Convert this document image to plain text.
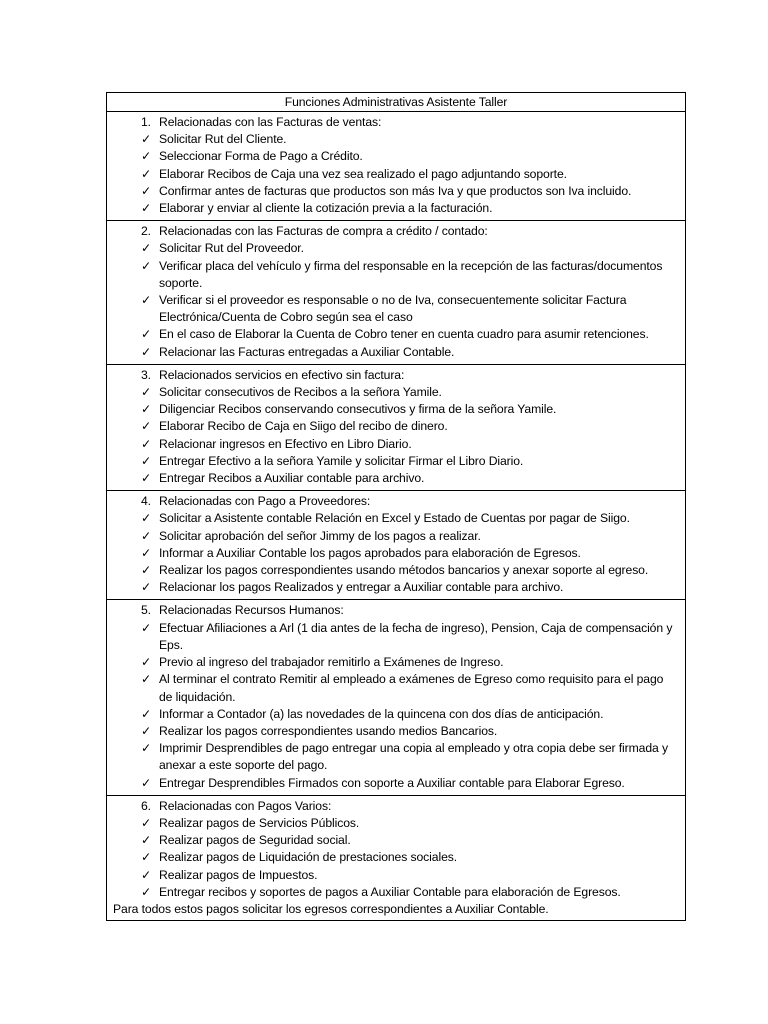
Funciones Administrativas Asistente Taller

1. Relacionadas con las Facturas de ventas:
✓ Solicitar Rut del Cliente.
✓ Seleccionar Forma de Pago a Crédito.
✓ Elaborar Recibos de Caja una vez sea realizado el pago adjuntando soporte.
✓ Confirmar antes de facturas que productos son más Iva y que productos son Iva incluido.
✓ Elaborar y enviar al cliente la cotización previa a la facturación.

2. Relacionadas con las Facturas de compra a crédito / contado:
✓ Solicitar Rut del Proveedor.
✓ Verificar placa del vehículo y firma del responsable en la recepción de las facturas/documentos soporte.
✓ Verificar si el proveedor es responsable o no de Iva, consecuentemente solicitar Factura Electrónica/Cuenta de Cobro según sea el caso
✓ En el caso de Elaborar la Cuenta de Cobro tener en cuenta cuadro para asumir retenciones.
✓ Relacionar las Facturas entregadas a Auxiliar Contable.

3. Relacionados servicios en efectivo sin factura:
✓ Solicitar consecutivos de Recibos a la señora Yamile.
✓ Diligenciar Recibos conservando consecutivos y firma de la señora Yamile.
✓ Elaborar Recibo de Caja en Siigo del recibo de dinero.
✓ Relacionar ingresos en Efectivo en Libro Diario.
✓ Entregar Efectivo a la señora Yamile y solicitar Firmar el Libro Diario.
✓ Entregar Recibos a Auxiliar contable para archivo.

4. Relacionadas con Pago a Proveedores:
✓ Solicitar a Asistente contable Relación en Excel y Estado de Cuentas por pagar de Siigo.
✓ Solicitar aprobación del señor Jimmy de los pagos a realizar.
✓ Informar a Auxiliar Contable los pagos aprobados para elaboración de Egresos.
✓ Realizar los pagos correspondientes usando métodos bancarios y anexar soporte al egreso.
✓ Relacionar los pagos Realizados y entregar a Auxiliar contable para archivo.

5. Relacionadas Recursos Humanos:
✓ Efectuar Afiliaciones a Arl (1 dia antes de la fecha de ingreso), Pension, Caja de compensación y Eps.
✓ Previo al ingreso del trabajador remitirlo a Exámenes de Ingreso.
✓ Al terminar el contrato Remitir al empleado a exámenes de Egreso como requisito para el pago de liquidación.
✓ Informar a Contador (a) las novedades de la quincena con dos días de anticipación.
✓ Realizar los pagos correspondientes usando medios Bancarios.
✓ Imprimir Desprendibles de pago entregar una copia al empleado y otra copia debe ser firmada y anexar a este soporte del pago.
✓ Entregar Desprendibles Firmados con soporte a Auxiliar contable para Elaborar Egreso.

6. Relacionadas con Pagos Varios:
✓ Realizar pagos de Servicios Públicos.
✓ Realizar pagos de Seguridad social.
✓ Realizar pagos de Liquidación de prestaciones sociales.
✓ Realizar pagos de Impuestos.
✓ Entregar recibos y soportes de pagos a Auxiliar Contable para elaboración de Egresos.
Para todos estos pagos solicitar los egresos correspondientes a Auxiliar Contable.
